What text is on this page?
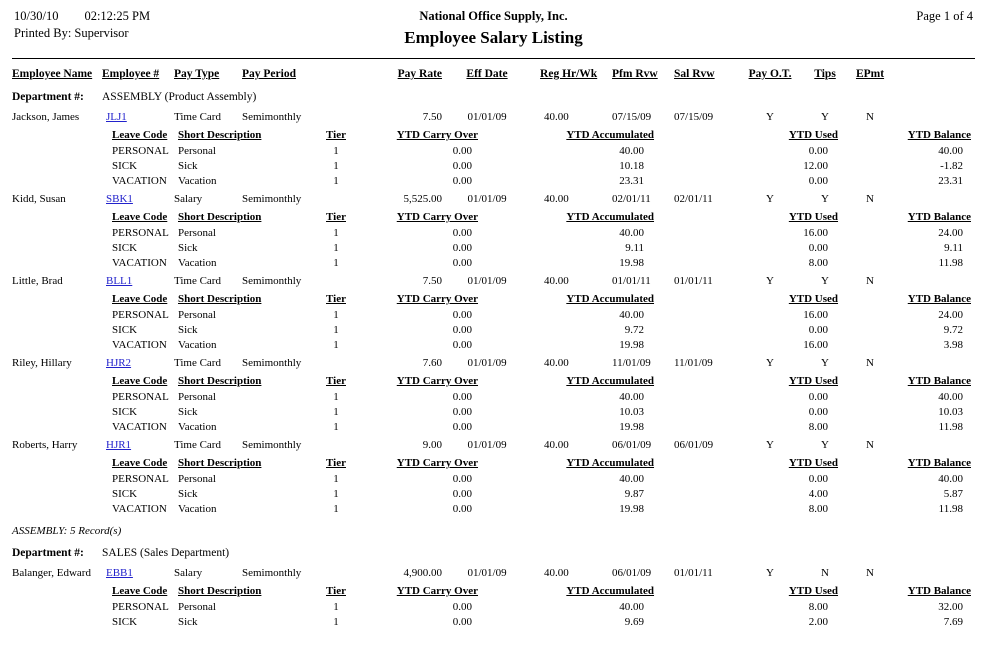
10/30/10 02:12:25 PM
Printed By: Supervisor
National Office Supply, Inc.
Employee Salary Listing
Page 1 of 4
Employee Name	Employee #	Pay Type	Pay Period		Pay Rate	Eff Date		Reg Hr/Wk	Pfm Rvw	Sal Rvw	Pay O.T.	Tips	EPmt
Department #:	ASSEMBLY (Product Assembly)												
Jackson, James	JLJ1	Time Card	Semimonthly		7.50	01/01/09		40.00	07/15/09	07/15/09	Y	Y	N
	Leave Code	Short Description		Tier	YTD Carry Over		YTD Accumulated			YTD Used			YTD Balance
	PERSONAL	Personal		1	0.00		40.00			0.00			40.00
	SICK	Sick		1	0.00		10.18			12.00			-1.82
	VACATION	Vacation		1	0.00		23.31			0.00			23.31
Kidd, Susan	SBK1	Salary	Semimonthly		5,525.00	01/01/09		40.00	02/01/11	02/01/11	Y	Y	N
	Leave Code	Short Description		Tier	YTD Carry Over		YTD Accumulated			YTD Used			YTD Balance
	PERSONAL	Personal		1	0.00		40.00			16.00			24.00
	SICK	Sick		1	0.00		9.11			0.00			9.11
	VACATION	Vacation		1	0.00		19.98			8.00			11.98
Little, Brad	BLL1	Time Card	Semimonthly		7.50	01/01/09		40.00	01/01/11	01/01/11	Y	Y	N
	Leave Code	Short Description		Tier	YTD Carry Over		YTD Accumulated			YTD Used			YTD Balance
	PERSONAL	Personal		1	0.00		40.00			16.00			24.00
	SICK	Sick		1	0.00		9.72			0.00			9.72
	VACATION	Vacation		1	0.00		19.98			16.00			3.98
Riley, Hillary	HJR2	Time Card	Semimonthly		7.60	01/01/09		40.00	11/01/09	11/01/09	Y	Y	N
	Leave Code	Short Description		Tier	YTD Carry Over		YTD Accumulated			YTD Used			YTD Balance
	PERSONAL	Personal		1	0.00		40.00			0.00			40.00
	SICK	Sick		1	0.00		10.03			0.00			10.03
	VACATION	Vacation		1	0.00		19.98			8.00			11.98
Roberts, Harry	HJR1	Time Card	Semimonthly		9.00	01/01/09		40.00	06/01/09	06/01/09	Y	Y	N
	Leave Code	Short Description		Tier	YTD Carry Over		YTD Accumulated			YTD Used			YTD Balance
	PERSONAL	Personal		1	0.00		40.00			0.00			40.00
	SICK	Sick		1	0.00		9.87			4.00			5.87
	VACATION	Vacation		1	0.00		19.98			8.00			11.98
ASSEMBLY: 5 Record(s)													
Department #:	SALES (Sales Department)												
Balanger, Edward	EBB1	Salary	Semimonthly		4,900.00	01/01/09		40.00	06/01/09	01/01/11	Y	N	N
	Leave Code	Short Description		Tier	YTD Carry Over		YTD Accumulated			YTD Used			YTD Balance
	PERSONAL	Personal		1	0.00		40.00			8.00			32.00
	SICK	Sick		1	0.00		9.69			2.00			7.69
